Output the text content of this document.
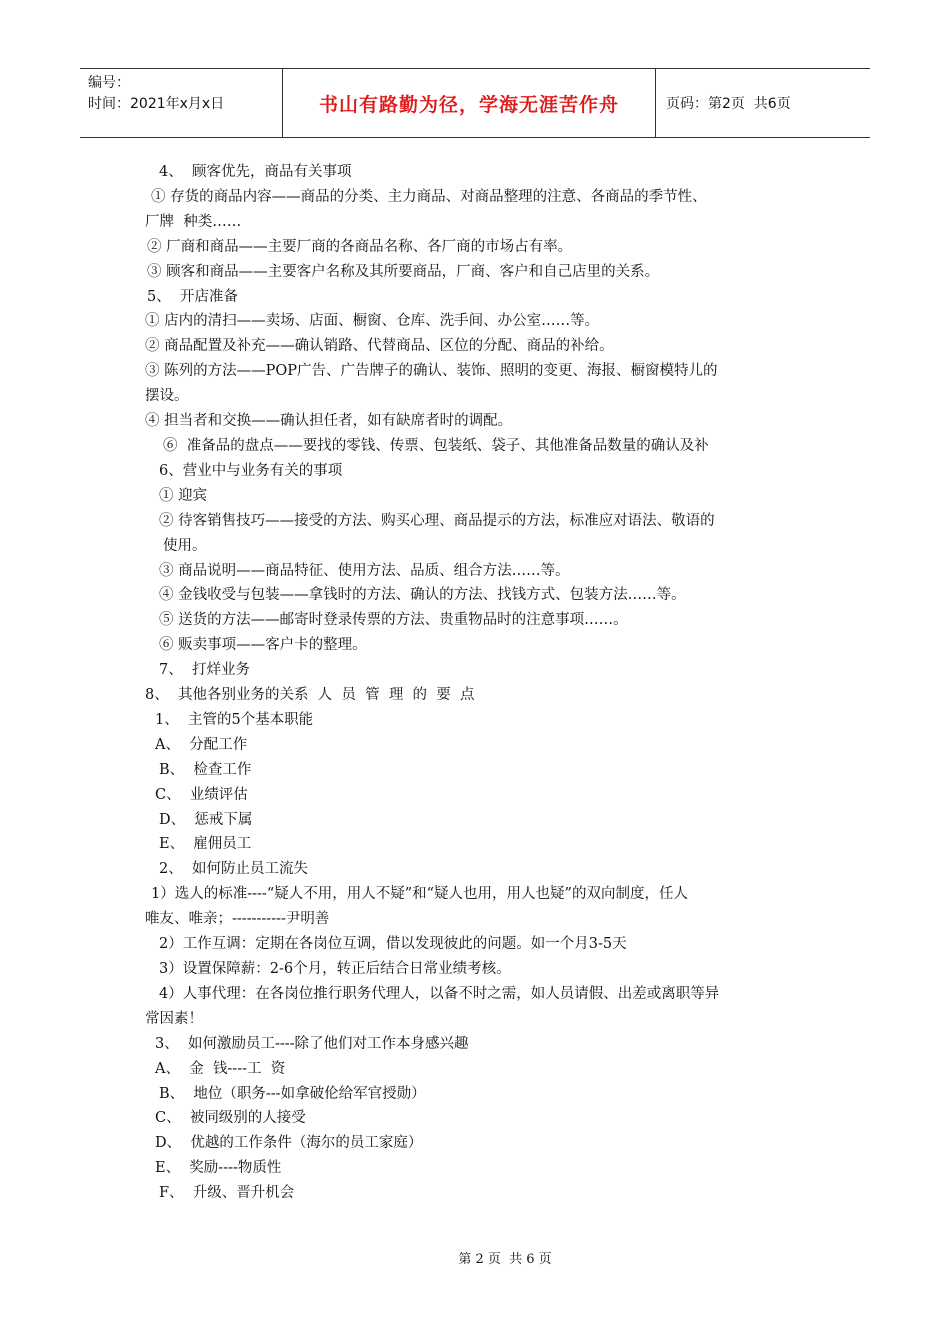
编号：
时间：2021年x月x日	书山有路勤为径，学海无涯苦作舟	页码：第2页  共6页
4、  顾客优先，商品有关事项
① 存货的商品内容——商品的分类、主力商品、对商品整理的注意、各商品的季节性、
厂牌  种类……
② 厂商和商品——主要厂商的各商品名称、各厂商的市场占有率。
③ 顾客和商品——主要客户名称及其所要商品，厂商、客户和自己店里的关系。
5、  开店准备
① 店内的清扫——卖场、店面、橱窗、仓库、洗手间、办公室……等。
② 商品配置及补充——确认销路、代替商品、区位的分配、商品的补给。
③ 陈列的方法——POP广告、广告牌子的确认、装饰、照明的变更、海报、橱窗模特儿的
摆设。
④ 担当者和交换——确认担任者，如有缺席者时的调配。
⑥  准备品的盘点——要找的零钱、传票、包装纸、袋子、其他准备品数量的确认及补
6、营业中与业务有关的事项
① 迎宾
② 待客销售技巧——接受的方法、购买心理、商品提示的方法，标准应对语法、敬语的
使用。
③ 商品说明——商品特征、使用方法、品质、组合方法……等。
④ 金钱收受与包装——拿钱时的方法、确认的方法、找钱方式、包装方法……等。
⑤ 送货的方法——邮寄时登录传票的方法、贵重物品时的注意事项……。
⑥ 贩卖事项——客户卡的整理。
7、  打烊业务
8、  其他各别业务的关系  人  员  管  理  的  要  点
1、  主管的5个基本职能
A、  分配工作
B、  检查工作
C、  业绩评估
D、  惩戒下属
E、  雇佣员工
2、  如何防止员工流失
1）选人的标准----“疑人不用，用人不疑”和“疑人也用，用人也疑”的双向制度，任人
唯友、唯亲；-----------尹明善
2）工作互调：定期在各岗位互调，借以发现彼此的问题。如一个月3-5天
3）设置保障薪：2-6个月，转正后结合日常业绩考核。
4）人事代理：在各岗位推行职务代理人，以备不时之需，如人员请假、出差或离职等异
常因素！
3、  如何激励员工----除了他们对工作本身感兴趣
A、  金  钱----工  资
B、  地位（职务---如拿破伦给军官授勋）
C、  被同级别的人接受
D、  优越的工作条件（海尔的员工家庭）
E、  奖励----物质性
F、  升级、晋升机会
第 2 页  共 6 页
